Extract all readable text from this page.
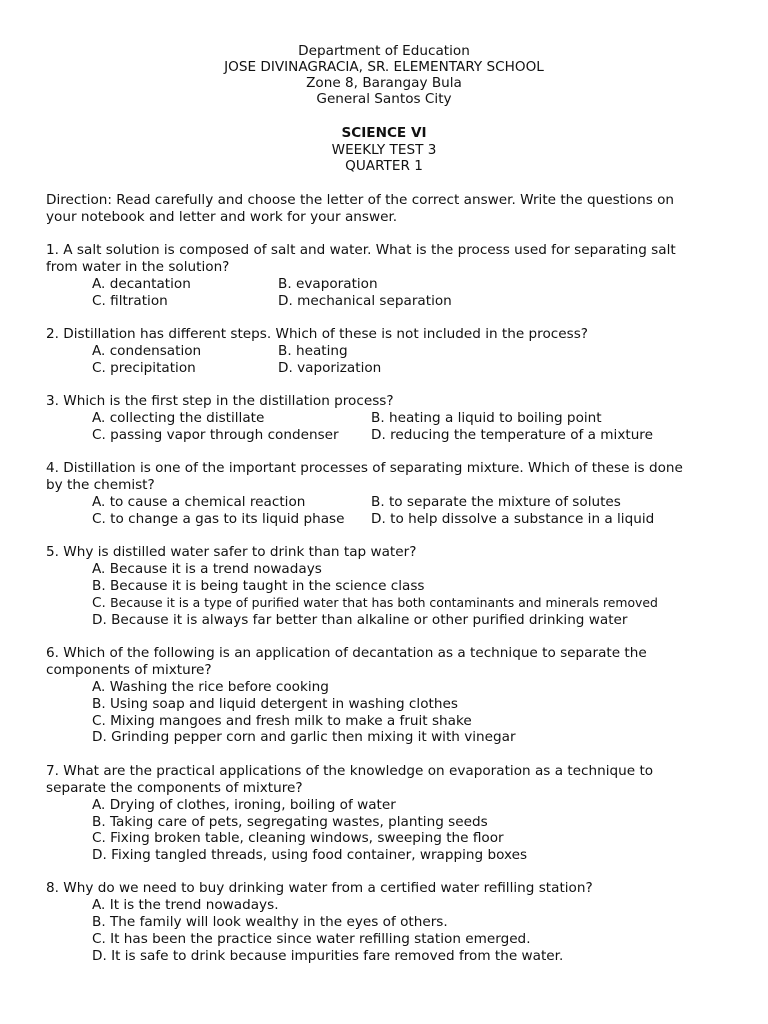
Department of Education
JOSE DIVINAGRACIA, SR. ELEMENTARY SCHOOL
Zone 8, Barangay Bula
General Santos City
SCIENCE VI
WEEKLY TEST 3
QUARTER 1
Direction: Read carefully and choose the letter of the correct answer. Write the questions on
your notebook and letter and work for your answer.
1. A salt solution is composed of salt and water. What is the process used for separating salt
from water in the solution?
A. decantation	B. evaporation
C. filtration	D. mechanical separation
2. Distillation has different steps. Which of these is not included in the process?
A. condensation	B. heating
C. precipitation	D. vaporization
3. Which is the first step in the distillation process?
A. collecting the distillate	B. heating a liquid to boiling point
C. passing vapor through condenser D. reducing the temperature of a mixture
4. Distillation is one of the important processes of separating mixture. Which of these is done
by the chemist?
A. to cause a chemical reaction	B. to separate the mixture of solutes
C. to change a gas to its liquid phase D. to help dissolve a substance in a liquid
5. Why is distilled water safer to drink than tap water?
A. Because it is a trend nowadays
B. Because it is being taught in the science class
C. Because it is a type of purified water that has both contaminants and minerals removed
D. Because it is always far better than alkaline or other purified drinking water
6. Which of the following is an application of decantation as a technique to separate the
components of mixture?
A. Washing the rice before cooking
B. Using soap and liquid detergent in washing clothes
C. Mixing mangoes and fresh milk to make a fruit shake
D. Grinding pepper corn and garlic then mixing it with vinegar
7. What are the practical applications of the knowledge on evaporation as a technique to
separate the components of mixture?
A. Drying of clothes, ironing, boiling of water
B. Taking care of pets, segregating wastes, planting seeds
C. Fixing broken table, cleaning windows, sweeping the floor
D. Fixing tangled threads, using food container, wrapping boxes
8. Why do we need to buy drinking water from a certified water refilling station?
A. It is the trend nowadays.
B. The family will look wealthy in the eyes of others.
C. It has been the practice since water refilling station emerged.
D. It is safe to drink because impurities fare removed from the water.
